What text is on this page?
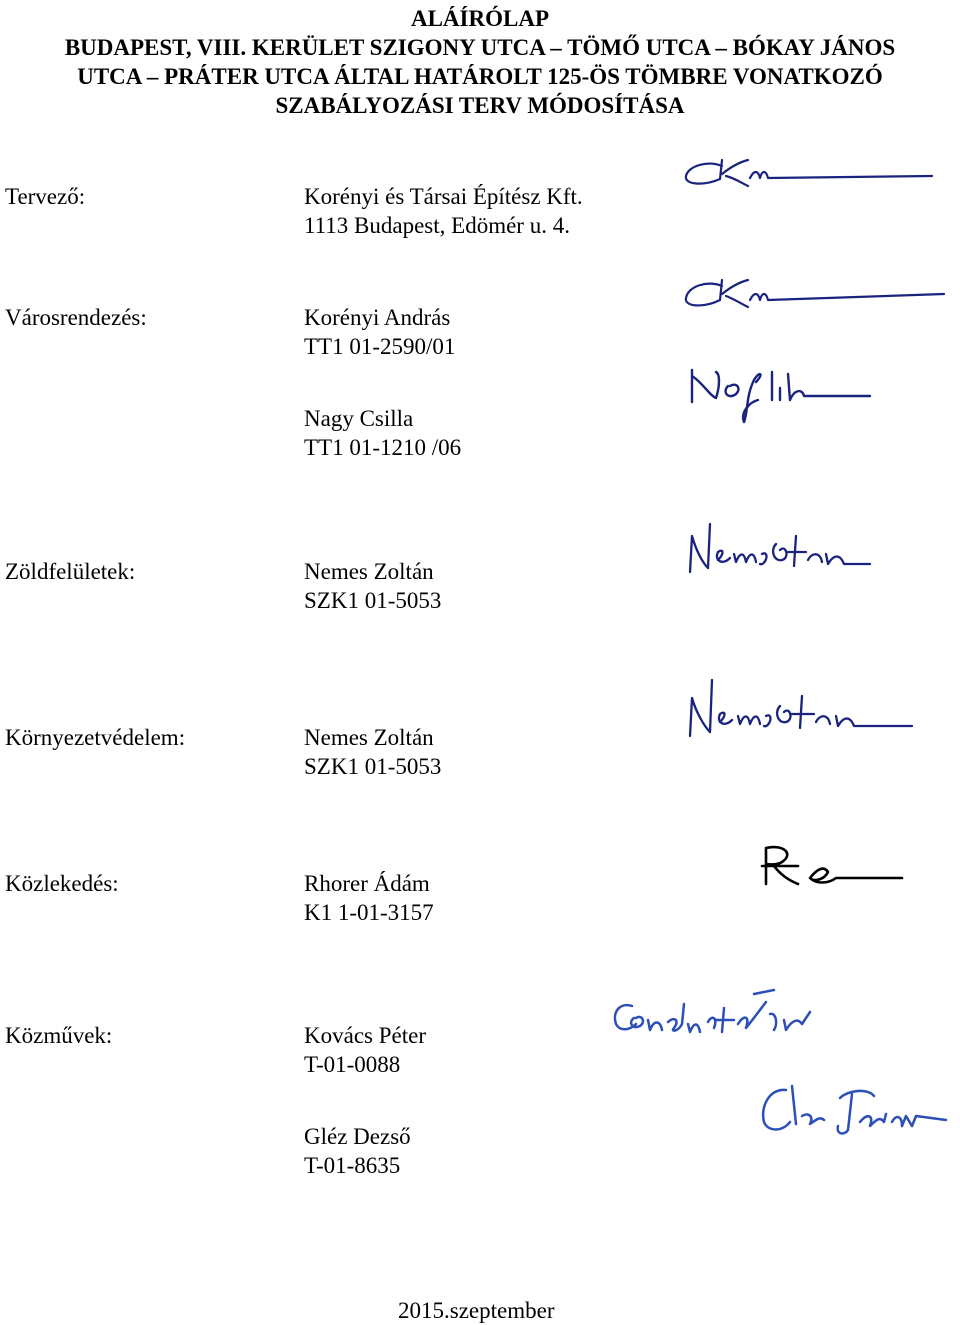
ALÁÍRÓLAP
BUDAPEST, VIII. KERÜLET SZIGONY UTCA – TÖMŐ UTCA – BÓKAY JÁNOS
UTCA – PRÁTER UTCA ÁLTAL HATÁROLT 125-ÖS TÖMBRE VONATKOZÓ
SZABÁLYOZÁSI TERV MÓDOSÍTÁSA
Tervező:	Korényi és Társai Építész Kft.
1113 Budapest, Edömér u. 4.
Városrendezés:	Korényi András
TT1 01-2590/01
Nagy Csilla
TT1 01-1210 /06
Zöldfelületek:	Nemes Zoltán
SZK1 01-5053
Környezetvédelem:	Nemes Zoltán
SZK1 01-5053
Közlekedés:	Rhorer Ádám
K1 1-01-3157
Közművek:	Kovács Péter
T-01-0088
Gléz Dezső
T-01-8635
2015.szeptember
